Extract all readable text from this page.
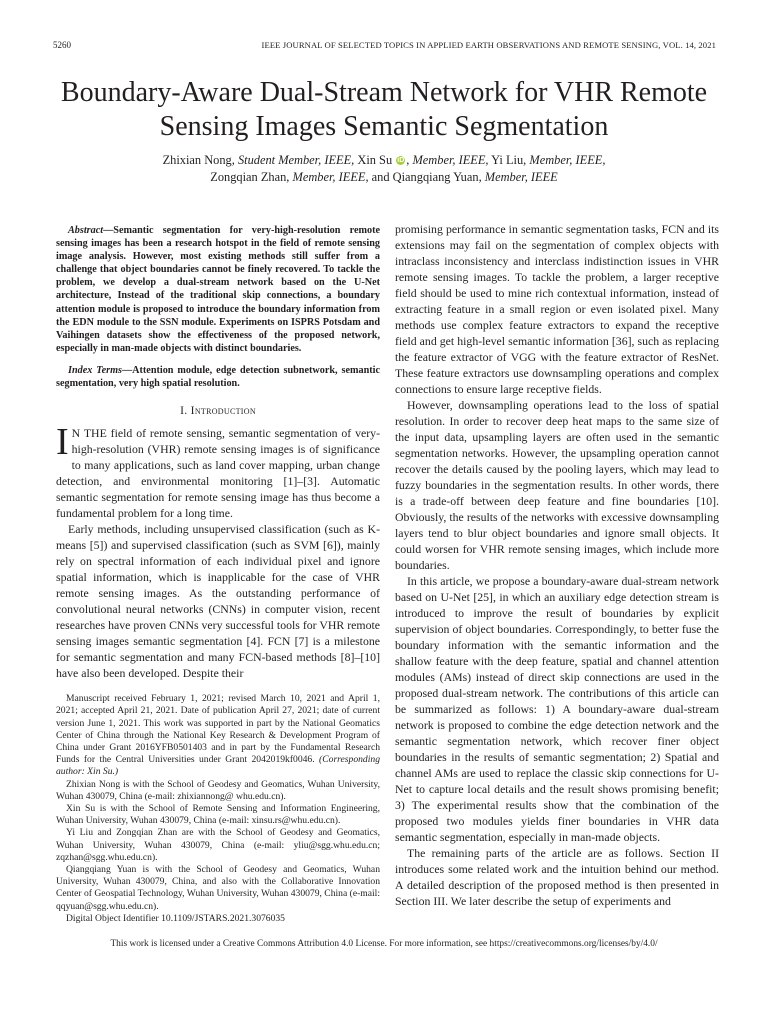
5260	IEEE JOURNAL OF SELECTED TOPICS IN APPLIED EARTH OBSERVATIONS AND REMOTE SENSING, VOL. 14, 2021
Boundary-Aware Dual-Stream Network for VHR Remote Sensing Images Semantic Segmentation
Zhixian Nong, Student Member, IEEE, Xin Su iD , Member, IEEE, Yi Liu, Member, IEEE,
Zongqian Zhan, Member, IEEE, and Qiangqiang Yuan, Member, IEEE

Abstract—Semantic segmentation for very-high-resolution remote sensing images has been a research hotspot in the field of remote sensing image analysis. However, most existing methods still suffer from a challenge that object boundaries cannot be finely recovered. To tackle the problem, we develop a dual-stream network based on the U-Net architecture, Instead of the traditional skip connections, a boundary attention module is proposed to introduce the boundary information from the EDN module to the SSN module. Experiments on ISPRS Potsdam and Vaihingen datasets show the effectiveness of the proposed network, especially in man-made objects with distinct boundaries.

Index Terms—Attention module, edge detection subnetwork, semantic segmentation, very high spatial resolution.

I. Introduction

I N THE field of remote sensing, semantic segmentation of very-high-resolution (VHR) remote sensing images is of significance to many applications, such as land cover mapping, urban change detection, and environmental monitoring [1]–[3]. Automatic semantic segmentation for remote sensing image has thus become a fundamental problem for a long time.

Early methods, including unsupervised classification (such as K-means [5]) and supervised classification (such as SVM [6]), mainly rely on spectral information of each individual pixel and ignore spatial information, which is inapplicable for the case of VHR remote sensing images. As the outstanding performance of convolutional neural networks (CNNs) in computer vision, recent researches have proven CNNs very successful tools for VHR remote sensing images semantic segmentation [4]. FCN [7] is a milestone for semantic segmentation and many FCN-based methods [8]–[10] have also been developed. Despite their

Manuscript received February 1, 2021; revised March 10, 2021 and April 1, 2021; accepted April 21, 2021. Date of publication April 27, 2021; date of current version June 1, 2021. This work was supported in part by the National Geomatics Center of China through the National Key Research & Development Program of China under Grant 2016YFB0501403 and in part by the Fundamental Research Funds for the Central Universities under Grant 2042019kf0046. (Corresponding author: Xin Su.)

Zhixian Nong is with the School of Geodesy and Geomatics, Wuhan University, Wuhan 430079, China (e-mail: zhixiannong@ whu.edu.cn).

Xin Su is with the School of Remote Sensing and Information Engineering, Wuhan University, Wuhan 430079, China (e-mail: xinsu.rs@whu.edu.cn).

Yi Liu and Zongqian Zhan are with the School of Geodesy and Geomatics, Wuhan University, Wuhan 430079, China (e-mail: yliu@sgg.whu.edu.cn; zqzhan@sgg.whu.edu.cn).

Qiangqiang Yuan is with the School of Geodesy and Geomatics, Wuhan University, Wuhan 430079, China, and also with the Collaborative Innovation Center of Geospatial Technology, Wuhan University, Wuhan 430079, China (e-mail: qqyuan@sgg.whu.edu.cn).

Digital Object Identifier 10.1109/JSTARS.2021.3076035

promising performance in semantic segmentation tasks, FCN and its extensions may fail on the segmentation of complex objects with intraclass inconsistency and interclass indistinction issues in VHR remote sensing images. To tackle the problem, a larger receptive field should be used to mine rich contextual information, instead of extracting feature in a small region or even isolated pixel. Many methods use complex feature extractors to expand the receptive field and get high-level semantic information [36], such as replacing the feature extractor of VGG with the feature extractor of ResNet. These feature extractors use downsampling operations and complex connections to ensure large receptive fields.

However, downsampling operations lead to the loss of spatial resolution. In order to recover deep heat maps to the same size of the input data, upsampling layers are often used in the semantic segmentation networks. However, the upsampling operation cannot recover the details caused by the pooling layers, which may lead to fuzzy boundaries in the segmentation results. In other words, there is a trade-off between deep feature and fine boundaries [10]. Obviously, the results of the networks with excessive downsampling layers tend to blur object boundaries and ignore small objects. It could worsen for VHR remote sensing images, which include more boundaries.

In this article, we propose a boundary-aware dual-stream network based on U-Net [25], in which an auxiliary edge detection stream is introduced to improve the result of boundaries by explicit supervision of object boundaries. Correspondingly, to better fuse the boundary information with the semantic information and the shallow feature with the deep feature, spatial and channel attention modules (AMs) instead of direct skip connections are used in the proposed dual-stream network. The contributions of this article can be summarized as follows: 1) A boundary-aware dual-stream network is proposed to combine the edge detection network and the semantic segmentation network, which recover finer object boundaries in the results of semantic segmentation; 2) Spatial and channel AMs are used to replace the classic skip connections for U-Net to capture local details and the result shows promising benefit; 3) The experimental results show that the combination of the proposed two modules yields finer boundaries in VHR data semantic segmentation, especially in man-made objects.

The remaining parts of the article are as follows. Section II introduces some related work and the intuition behind our method. A detailed description of the proposed method is then presented in Section III. We later describe the setup of experiments and

This work is licensed under a Creative Commons Attribution 4.0 License. For more information, see https://creativecommons.org/licenses/by/4.0/
